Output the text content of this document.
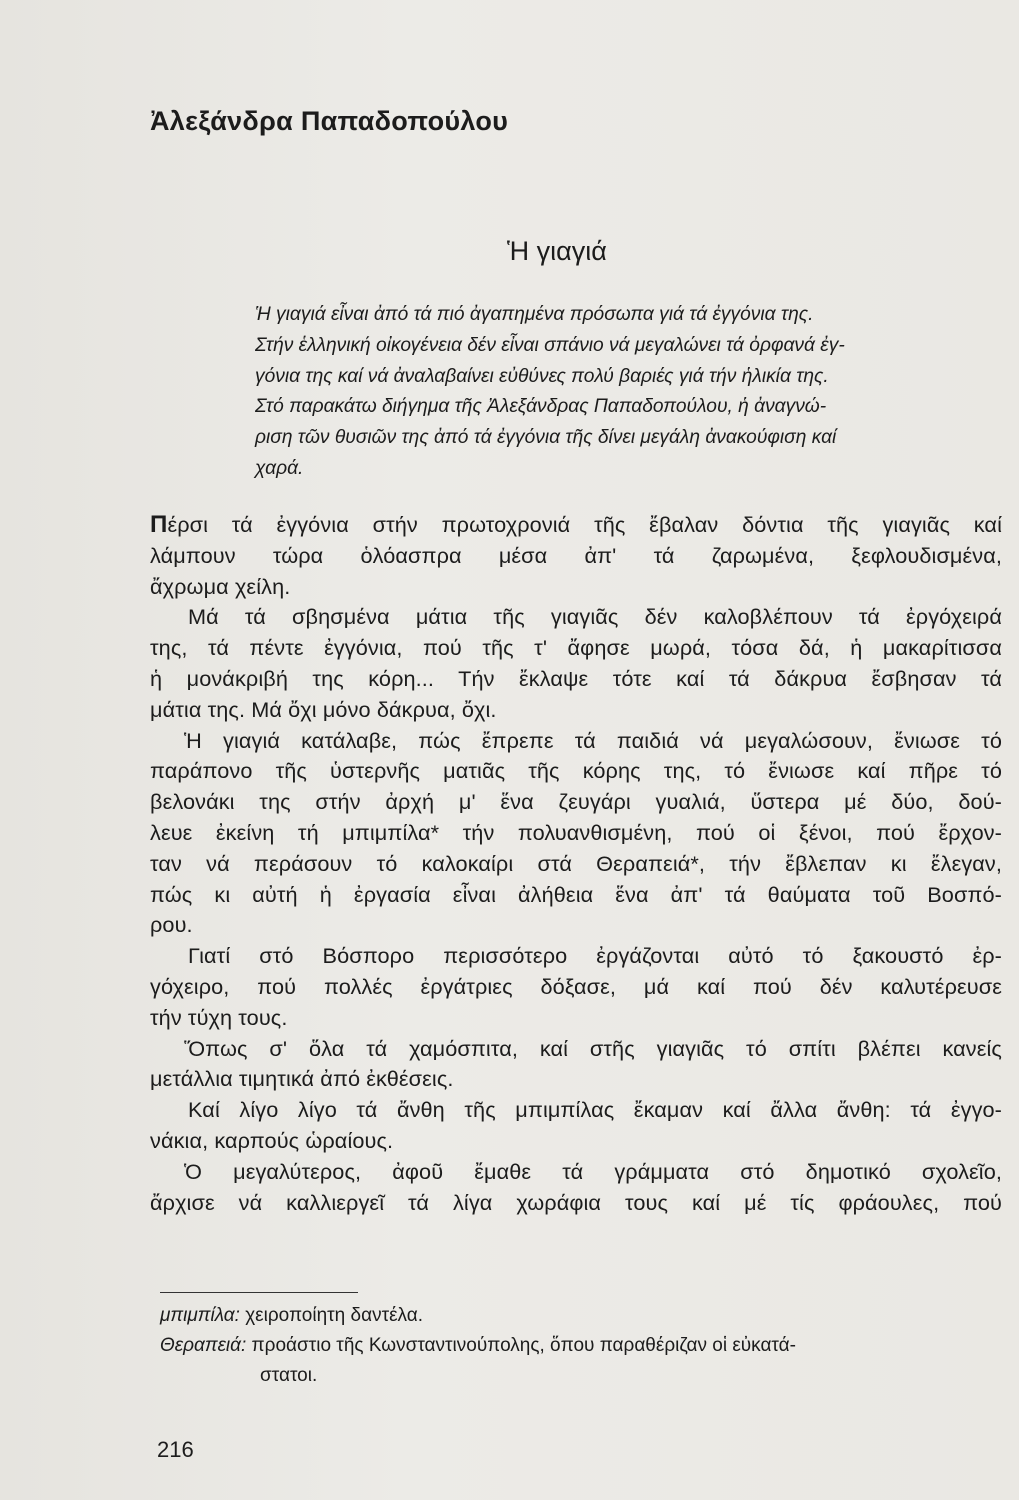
Ἀλεξάνδρα Παπαδοπούλου
Ἡ γιαγιά
Ἡ γιαγιά εἶναι ἀπό τά πιό ἀγαπημένα πρόσωπα γιά τά ἐγγόνια της.
Στήν ἑλληνική οἰκογένεια δέν εἶναι σπάνιο νά μεγαλώνει τά ὀρφανά ἐγ-
γόνια της καί νά ἀναλαβαίνει εὐθύνες πολύ βαριές γιά τήν ἡλικία της.
Στό παρακάτω διήγημα τῆς Ἀλεξάνδρας Παπαδοπούλου, ἡ ἀναγνώ-
ριση τῶν θυσιῶν της ἀπό τά ἐγγόνια τῆς δίνει μεγάλη ἀνακούφιση καί
χαρά.
Πέρσι τά ἐγγόνια στήν πρωτοχρονιά τῆς ἔβαλαν δόντια τῆς γιαγιᾶς καί
λάμπουν τώρα ὁλόασπρα μέσα ἀπ' τά ζαρωμένα, ξεφλουδισμένα,
ἄχρωμα χείλη.
Μά τά σβησμένα μάτια τῆς γιαγιᾶς δέν καλοβλέπουν τά ἐργόχειρά
της, τά πέντε ἐγγόνια, πού τῆς τ' ἄφησε μωρά, τόσα δά, ἡ μακαρίτισσα
ἡ μονάκριβή της κόρη... Τήν ἔκλαψε τότε καί τά δάκρυα ἔσβησαν τά
μάτια της. Μά ὄχι μόνο δάκρυα, ὄχι.
Ἡ γιαγιά κατάλαβε, πώς ἔπρεπε τά παιδιά νά μεγαλώσουν, ἔνιωσε τό
παράπονο τῆς ὑστερνῆς ματιᾶς τῆς κόρης της, τό ἔνιωσε καί πῆρε τό
βελονάκι της στήν ἀρχή μ' ἕνα ζευγάρι γυαλιά, ὕστερα μέ δύο, δού-
λευε ἐκείνη τή μπιμπίλα* τήν πολυανθισμένη, πού οἱ ξένοι, πού ἔρχον-
ταν νά περάσουν τό καλοκαίρι στά Θεραπειά*, τήν ἔβλεπαν κι ἔλεγαν,
πώς κι αὐτή ἡ ἐργασία εἶναι ἀλήθεια ἕνα ἀπ' τά θαύματα τοῦ Βοσπό-
ρου.
Γιατί στό Βόσπορο περισσότερο ἐργάζονται αὐτό τό ξακουστό ἐρ-
γόχειρο, πού πολλές ἐργάτριες δόξασε, μά καί πού δέν καλυτέρευσε
τήν τύχη τους.
Ὅπως σ' ὅλα τά χαμόσπιτα, καί στῆς γιαγιᾶς τό σπίτι βλέπει κανείς
μετάλλια τιμητικά ἀπό ἐκθέσεις.
Καί λίγο λίγο τά ἄνθη τῆς μπιμπίλας ἔκαμαν καί ἄλλα ἄνθη: τά ἐγγο-
νάκια, καρπούς ὡραίους.
Ὁ μεγαλύτερος, ἀφοῦ ἔμαθε τά γράμματα στό δημοτικό σχολεῖο,
ἄρχισε νά καλλιεργεῖ τά λίγα χωράφια τους καί μέ τίς φράουλες, πού
μπιμπίλα: χειροποίητη δαντέλα.
Θεραπειά: προάστιο τῆς Κωνσταντινούπολης, ὅπου παραθέριζαν οἱ εὐκατά-
στατοι.
216
